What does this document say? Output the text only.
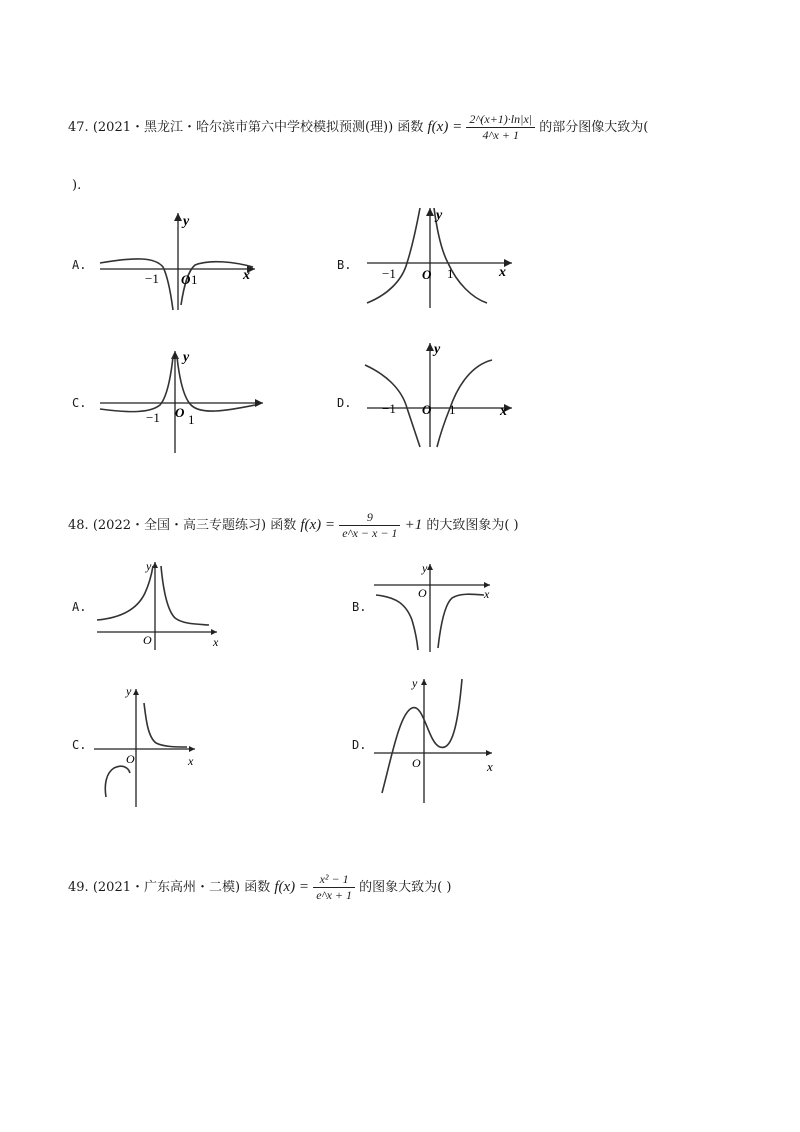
47. (2021・黑龙江・哈尔滨市第六中学校模拟预测(理)) 函数 $f(x) = \frac{2\^{}(x+1)\cdot\ln|x|}{4\^{}x + 1}$ 的部分图像大致为(
).
A.	B.
C.	D.
−1 O 1	x
y
−1 O 1	x
y
−1 O 1
y
−1 O 1	x
y
48. (2022・全国・高三专题练习) 函数 $f(x) = \frac{9}{e\^{}x - x - 1} +1$ 的大致图象为( )
A.	B.
C.	D.
O	x
y
O	x
y
O	x
y
O	x
y
49. (2021・广东高州・二模) 函数 $f(x) = \frac{\text{x² − 1}}{e\^{}x + 1}$ 的图象大致为( )
